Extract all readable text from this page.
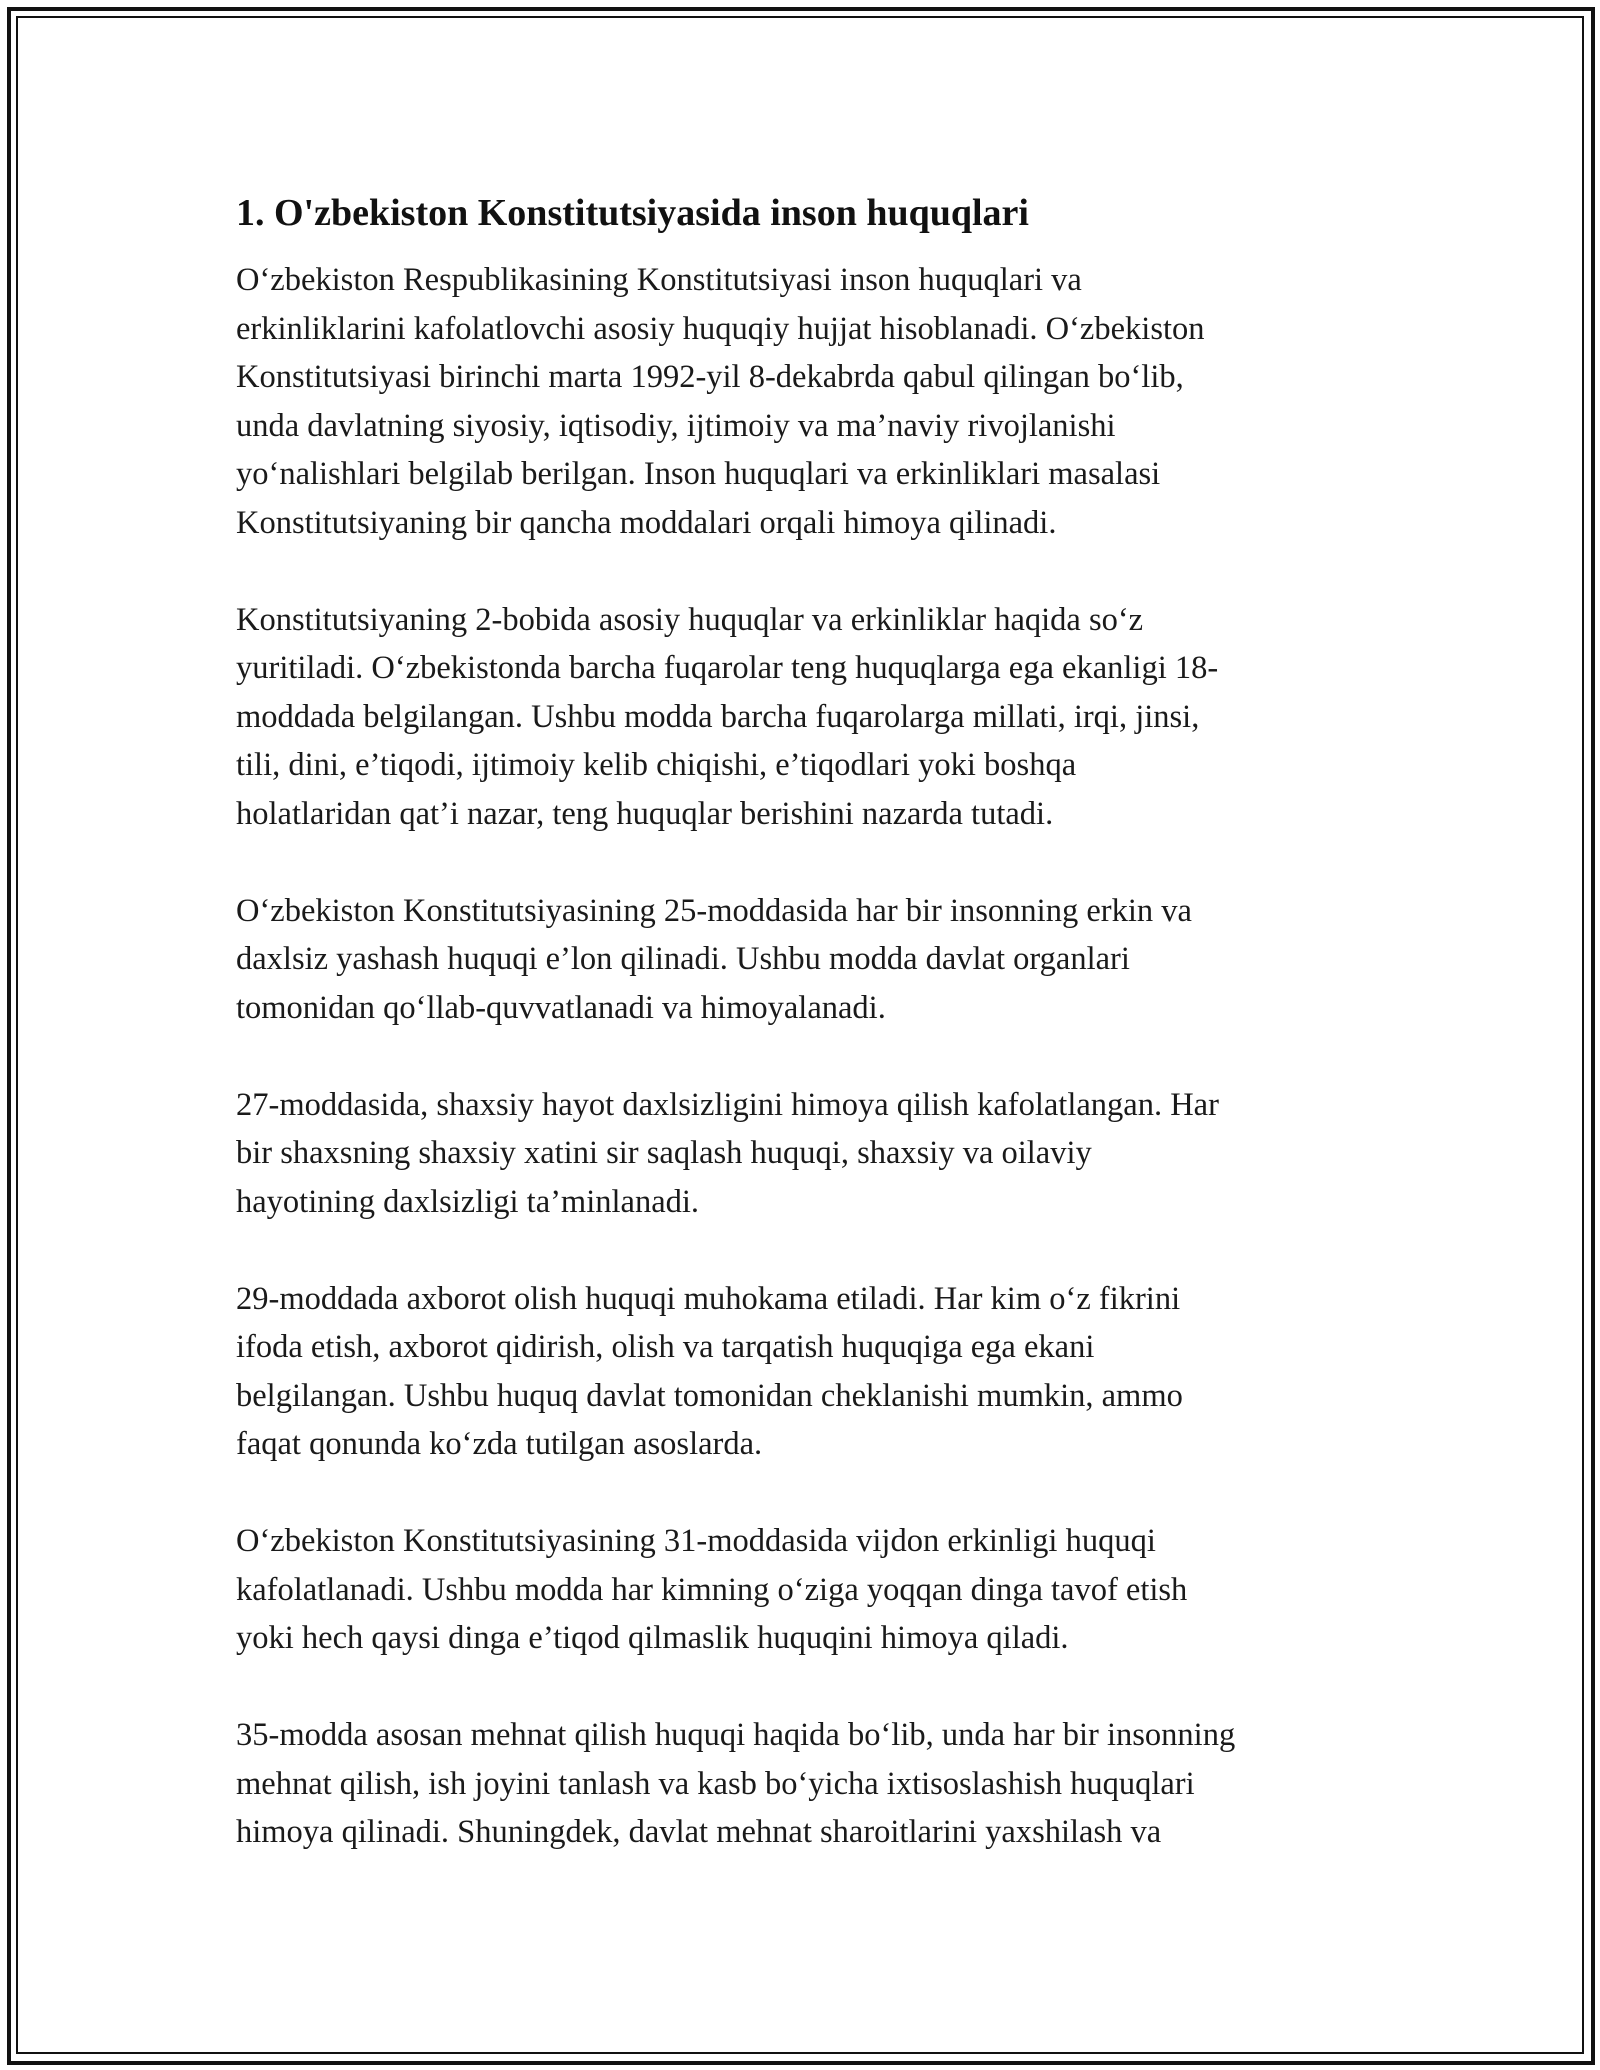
1. O'zbekiston Konstitutsiyasida inson huquqlari

O‘zbekiston Respublikasining Konstitutsiyasi inson huquqlari va
erkinliklarini kafolatlovchi asosiy huquqiy hujjat hisoblanadi. O‘zbekiston
Konstitutsiyasi birinchi marta 1992-yil 8-dekabrda qabul qilingan bo‘lib,
unda davlatning siyosiy, iqtisodiy, ijtimoiy va ma’naviy rivojlanishi
yo‘nalishlari belgilab berilgan. Inson huquqlari va erkinliklari masalasi
Konstitutsiyaning bir qancha moddalari orqali himoya qilinadi.

Konstitutsiyaning 2-bobida asosiy huquqlar va erkinliklar haqida so‘z
yuritiladi. O‘zbekistonda barcha fuqarolar teng huquqlarga ega ekanligi 18-
moddada belgilangan. Ushbu modda barcha fuqarolarga millati, irqi, jinsi,
tili, dini, e’tiqodi, ijtimoiy kelib chiqishi, e’tiqodlari yoki boshqa
holatlaridan qat’i nazar, teng huquqlar berishini nazarda tutadi.

O‘zbekiston Konstitutsiyasining 25-moddasida har bir insonning erkin va
daxlsiz yashash huquqi e’lon qilinadi. Ushbu modda davlat organlari
tomonidan qo‘llab-quvvatlanadi va himoyalanadi.

27-moddasida, shaxsiy hayot daxlsizligini himoya qilish kafolatlangan. Har
bir shaxsning shaxsiy xatini sir saqlash huquqi, shaxsiy va oilaviy
hayotining daxlsizligi ta’minlanadi.

29-moddada axborot olish huquqi muhokama etiladi. Har kim o‘z fikrini
ifoda etish, axborot qidirish, olish va tarqatish huquqiga ega ekani
belgilangan. Ushbu huquq davlat tomonidan cheklanishi mumkin, ammo
faqat qonunda ko‘zda tutilgan asoslarda.

O‘zbekiston Konstitutsiyasining 31-moddasida vijdon erkinligi huquqi
kafolatlanadi. Ushbu modda har kimning o‘ziga yoqqan dinga tavof etish
yoki hech qaysi dinga e’tiqod qilmaslik huquqini himoya qiladi.

35-modda asosan mehnat qilish huquqi haqida bo‘lib, unda har bir insonning
mehnat qilish, ish joyini tanlash va kasb bo‘yicha ixtisoslashish huquqlari
himoya qilinadi. Shuningdek, davlat mehnat sharoitlarini yaxshilash va
